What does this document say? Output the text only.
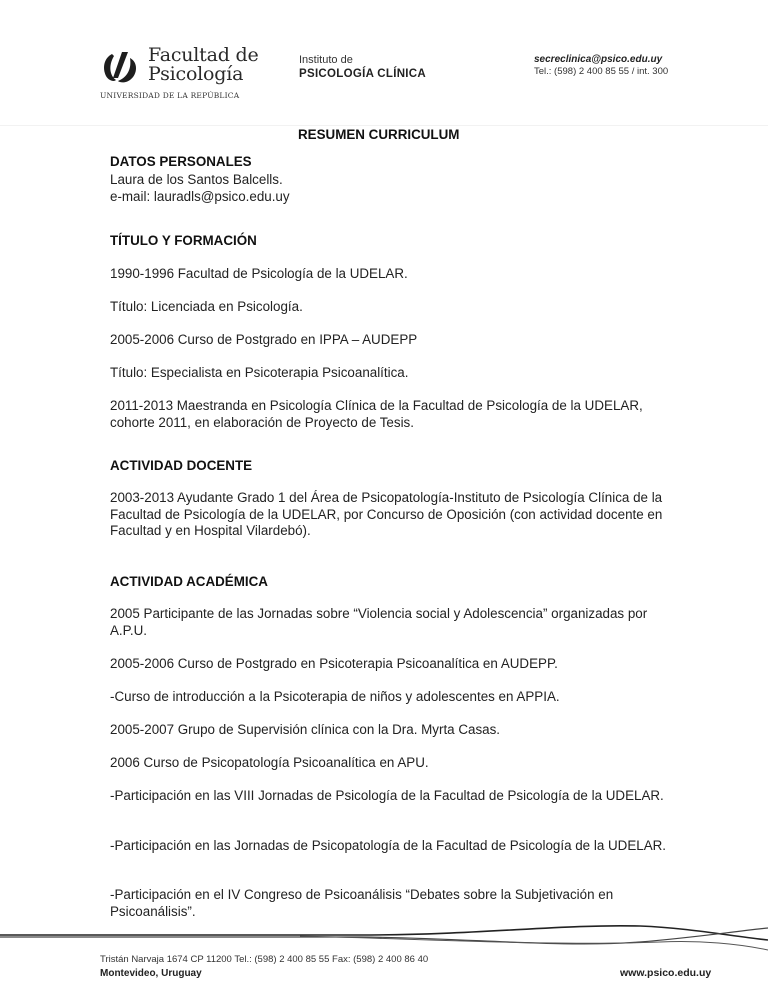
Facultad de
Psicología
UNIVERSIDAD DE LA REPÚBLICA
Instituto de
PSICOLOGÍA CLÍNICA
secreclinica@psico.edu.uy
Tel.: (598) 2 400 85 55 / int. 300
RESUMEN CURRICULUM
DATOS PERSONALES
Laura de los Santos Balcells.
e-mail: lauradls@psico.edu.uy
TÍTULO Y FORMACIÓN
1990-1996 Facultad de Psicología de la UDELAR.
Título: Licenciada en Psicología.
2005-2006 Curso de Postgrado en IPPA – AUDEPP
Título: Especialista en Psicoterapia Psicoanalítica.
2011-2013 Maestranda en Psicología Clínica de la Facultad de Psicología de la UDELAR, cohorte 2011, en elaboración de Proyecto de Tesis.
ACTIVIDAD DOCENTE
2003-2013 Ayudante Grado 1 del Área de Psicopatología-Instituto de Psicología Clínica de la Facultad de Psicología de la UDELAR, por Concurso de Oposición (con actividad docente en Facultad y en Hospital Vilardebó).
ACTIVIDAD ACADÉMICA
2005 Participante de las Jornadas sobre “Violencia social y Adolescencia” organizadas por A.P.U.
2005-2006 Curso de Postgrado en Psicoterapia Psicoanalítica en AUDEPP.
-Curso de introducción a la Psicoterapia de niños y adolescentes en APPIA.
2005-2007 Grupo de Supervisión clínica con la Dra. Myrta Casas.
2006 Curso de Psicopatología Psicoanalítica en APU.
-Participación en las VIII Jornadas de Psicología de la Facultad de Psicología de la UDELAR.
-Participación en las Jornadas de Psicopatología de la Facultad de Psicología de la UDELAR.
-Participación en el IV Congreso de Psicoanálisis “Debates sobre la Subjetivación en Psicoanálisis”.
Tristán Narvaja 1674 CP 11200 Tel.: (598) 2 400 85 55 Fax: (598) 2 400 86 40
Montevideo, Uruguay	www.psico.edu.uy
